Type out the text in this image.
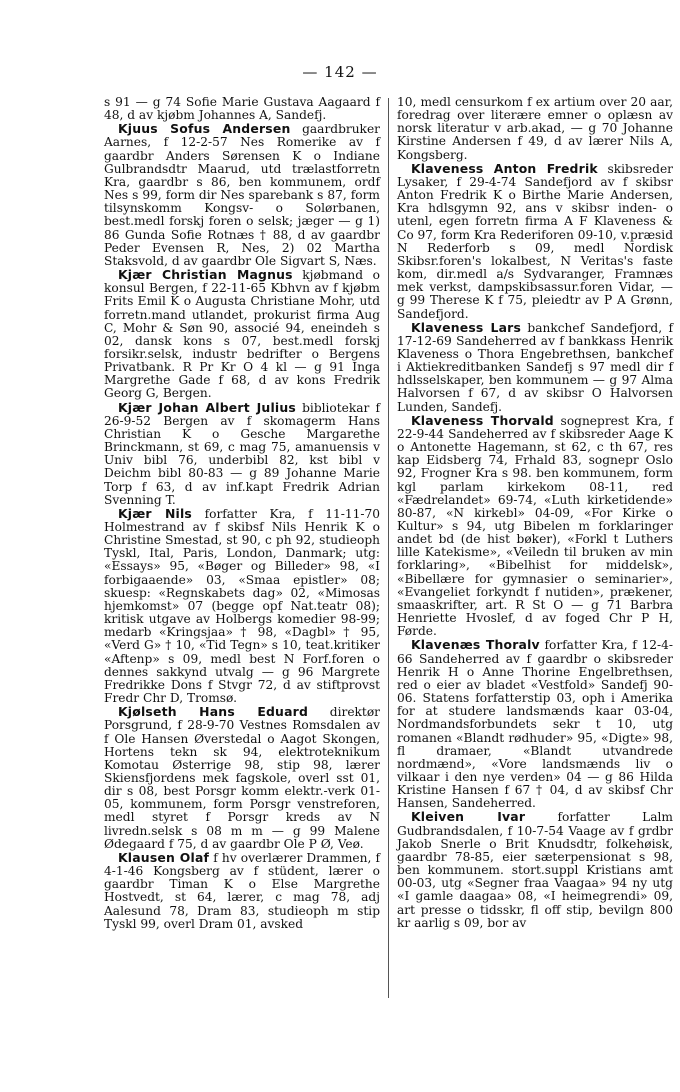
— 142 —

s 91 — g 74 Sofie Marie Gustava Aagaard f 48, d av kjøbm Johannes A, Sandefj.

Kjuus Sofus Andersen gaardbruker Aarnes, f 12-2-57 Nes Romerike av f gaardbr Anders Sørensen K o Indiane Gulbrandsdtr Maarud, utd trælastforretn Kra, gaardbr s 86, ben kommunem, ordf Nes s 99, form dir Nes sparebank s 87, form tilsynskomm Kongsv- o Solørbanen, best.medl forskj foren o selsk; jæger — g 1) 86 Gunda Sofie Rotnæs † 88, d av gaardbr Peder Evensen R, Nes, 2) 02 Martha Staksvold, d av gaardbr Ole Sigvart S, Næs.

Kjær Christian Magnus kjøbmand o konsul Bergen, f 22-11-65 Kbhvn av f kjøbm Frits Emil K o Augusta Christiane Mohr, utd forretn.mand utlandet, prokurist firma Aug C, Mohr & Søn 90, associé 94, eneindeh s 02, dansk kons s 07, best.medl forskj forsikr.selsk, industr bedrifter o Bergens Privatbank. R Pr Kr O 4 kl — g 91 Inga Margrethe Gade f 68, d av kons Fredrik Georg G, Bergen.

Kjær Johan Albert Julius bibliotekar f 26-9-52 Bergen av f skomagerm Hans Christian K o Gesche Margarethe Brinckmann, st 69, c mag 75, amanuensis v Univ bibl 76, underbibl 82, kst bibl v Deichm bibl 80-83 — g 89 Johanne Marie Torp f 63, d av inf.kapt Fredrik Adrian Svenning T.

Kjær Nils forfatter Kra, f 11-11-70 Holmestrand av f skibsf Nils Henrik K o Christine Smestad, st 90, c ph 92, studieoph Tyskl, Ital, Paris, London, Danmark; utg: «Essays» 95, «Bøger og Billeder» 98, «I forbigaaende» 03, «Smaa epistler» 08; skuesp: «Regnskabets dag» 02, «Mimosas hjemkomst» 07 (begge opf Nat.teatr 08); kritisk utgave av Holbergs komedier 98-99; medarb «Kringsjaa» † 98, «Dagbl» † 95, «Verd G» † 10, «Tid Tegn» s 10, teat.kritiker «Aftenp» s 09, medl best N Forf.foren o dennes sakkynd utvalg — g 96 Margrete Fredrikke Dons f Stvgr 72, d av stiftprovst Fredr Chr D, Tromsø.

Kjølseth Hans Eduard direktør Porsgrund, f 28-9-70 Vestnes Romsdalen av f Ole Hansen Øverstedal o Aagot Skongen, Hortens tekn sk 94, elektroteknikum Komotau Østerrige 98, stip 98, lærer Skiensfjordens mek fagskole, overl sst 01, dir s 08, best Porsgr komm elektr.-verk 01-05, kommunem, form Porsgr venstreforen, medl styret f Porsgr kreds av N livredn.selsk s 08 m m — g 99 Malene Ødegaard f 75, d av gaardbr Ole P Ø, Veø.

Klausen Olaf f hv overlærer Drammen, f 4-1-46 Kongsberg av f stüdent, lærer o gaardbr Timan K o Else Margrethe Hostvedt, st 64, lærer, c mag 78, adj Aalesund 78, Dram 83, studieoph m stip Tyskl 99, overl Dram 01, avsked

10, medl censurkom f ex artium over 20 aar, foredrag over literære emner o oplæsn av norsk literatur v arb.akad, — g 70 Johanne Kirstine Andersen f 49, d av lærer Nils A, Kongsberg.

Klaveness Anton Fredrik skibsreder Lysaker, f 29-4-74 Sandefjord av f skibsr Anton Fredrik K o Birthe Marie Andersen, Kra hdlsgymn 92, ans v skibsr inden- o utenl, egen forretn firma A F Klaveness & Co 97, form Kra Rederiforen 09-10, v.præsid N Rederforb s 09, medl Nordisk Skibsr.foren's lokalbest, N Veritas's faste kom, dir.medl a/s Sydvaranger, Framnæs mek verkst, dampskibsassur.foren Vidar, — g 99 Therese K f 75, pleiedtr av P A Grønn, Sandefjord.

Klaveness Lars bankchef Sandefjord, f 17-12-69 Sandeherred av f bankkass Henrik Klaveness o Thora Engebrethsen, bankchef i Aktiekreditbanken Sandefj s 97 medl dir f hdlsselskaper, ben kommunem — g 97 Alma Halvorsen f 67, d av skibsr O Halvorsen Lunden, Sandefj.

Klaveness Thorvald sogneprest Kra, f 22-9-44 Sandeherred av f skibsreder Aage K o Antonette Hagemann, st 62, c th 67, res kap Eidsberg 74, Frhald 83, sognepr Oslo 92, Frogner Kra s 98. ben kommunem, form kgl parlam kirkekom 08-11, red «Fædrelandet» 69-74, «Luth kirketidende» 80-87, «N kirkebl» 04-09, «For Kirke o Kultur» s 94, utg Bibelen m forklaringer andet bd (de hist bøker), «Forkl t Luthers lille Katekisme», «Veiledn til bruken av min forklaring», «Bibelhist for middelsk», «Bibellære for gymnasier o seminarier», «Evangeliet forkyndt f nutiden», prækener, smaaskrifter, art. R St O — g 71 Barbra Henriette Hvoslef, d av foged Chr P H, Førde.

Klavenæs Thoralv forfatter Kra, f 12-4-66 Sandeherred av f gaardbr o skibsreder Henrik H o Anne Thorine Engelbrethsen, red o eier av bladet «Vestfold» Sandefj 90-06. Statens forfatterstip 03, oph i Amerika for at studere landsmænds kaar 03-04, Nordmandsforbundets sekr t 10, utg romanen «Blandt rødhuder» 95, «Digte» 98, fl dramaer, «Blandt utvandrede nordmænd», «Vore landsmænds liv o vilkaar i den nye verden» 04 — g 86 Hilda Kristine Hansen f 67 † 04, d av skibsf Chr Hansen, Sandeherred.

Kleiven Ivar forfatter Lalm Gudbrandsdalen, f 10-7-54 Vaage av f grdbr Jakob Snerle o Brit Knudsdtr, folkehøisk, gaardbr 78-85, eier sæterpensionat s 98, ben kommunem. stort.suppl Kristians amt 00-03, utg «Segner fraa Vaagaa» 94 ny utg «I gamle daagaa» 08, «I heimegrendi» 09, art presse o tidsskr, fl off stip, bevilgn 800 kr aarlig s 09, bor av
